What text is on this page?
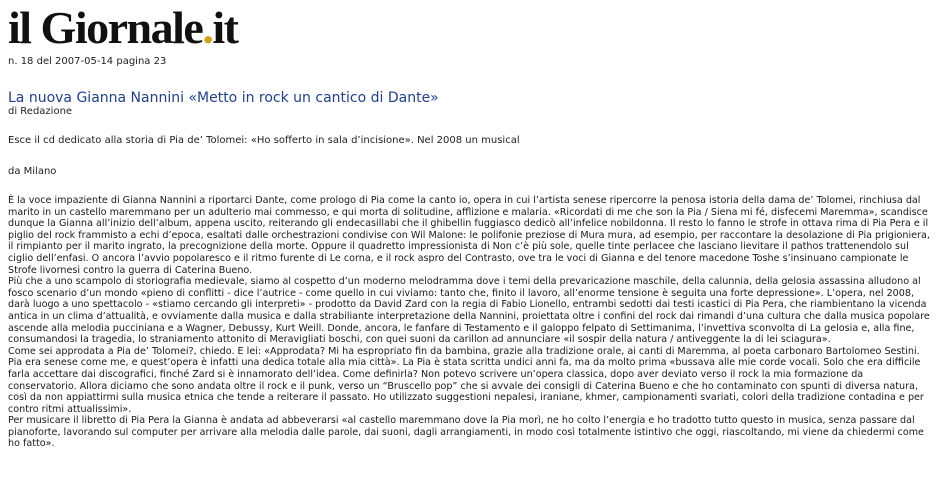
il Giornale.it
n. 18 del 2007-05-14 pagina 23
La nuova Gianna Nannini «Metto in rock un cantico di Dante»
di Redazione
Esce il cd dedicato alla storia di Pia de’ Tolomei: «Ho sofferto in sala d’incisione». Nel 2008 un musical
da Milano

È la voce impaziente di Gianna Nannini a riportarci Dante, come prologo di Pia come la canto io, opera in cui l’artista senese ripercorre la penosa istoria della dama de’ Tolomei, rinchiusa dal marito in un castello maremmano per un adulterio mai commesso, e qui morta di solitudine, afflizione e malaria. «Ricordati di me che son la Pia / Siena mi fé, disfecemi Maremma», scandisce dunque la Gianna all’inizio dell’album, appena uscito, reiterando gli endecasillabi che il ghibellin fuggiasco dedicò all’infelice nobildonna. Il resto lo fanno le strofe in ottava rima di Pia Pera e il piglio del rock frammisto a echi d’epoca, esaltati dalle orchestrazioni condivise con Wil Malone: le polifonie preziose di Mura mura, ad esempio, per raccontare la desolazione di Pia prigioniera, il rimpianto per il marito ingrato, la precognizione della morte. Oppure il quadretto impressionista di Non c’è più sole, quelle tinte perlacee che lasciano lievitare il pathos trattenendolo sul ciglio dell’enfasi. O ancora l’avvio popolaresco e il ritmo furente di Le corna, e il rock aspro del Contrasto, ove tra le voci di Gianna e del tenore macedone Toshe s’insinuano campionate le Strofe livornesi contro la guerra di Caterina Bueno.

Più che a uno scampolo di storiografia medievale, siamo al cospetto d’un moderno melodramma dove i temi della prevaricazione maschile, della calunnia, della gelosia assassina alludono al fosco scenario d’un mondo «pieno di conflitti - dice l’autrice - come quello in cui viviamo: tanto che, finito il lavoro, all’enorme tensione è seguita una forte depressione». L’opera, nel 2008, darà luogo a uno spettacolo - «stiamo cercando gli interpreti» - prodotto da David Zard con la regia di Fabio Lionello, entrambi sedotti dai testi icastici di Pia Pera, che riambientano la vicenda antica in un clima d’attualità, e ovviamente dalla musica e dalla strabiliante interpretazione della Nannini, proiettata oltre i confini del rock dai rimandi d’una cultura che dalla musica popolare ascende alla melodia pucciniana e a Wagner, Debussy, Kurt Weill. Donde, ancora, le fanfare di Testamento e il galoppo felpato di Settimanima, l’invettiva sconvolta di La gelosia e, alla fine, consumandosi la tragedia, lo straniamento attonito di Meravigliati boschi, con quei suoni da carillon ad annunciare «il sospir della natura / antiveggente la di lei sciagura».

Come sei approdata a Pia de’ Tolomei?, chiedo. E lei: «Approdata? Mi ha espropriato fin da bambina, grazie alla tradizione orale, ai canti di Maremma, al poeta carbonaro Bartolomeo Sestini. Pia era senese come me, e quest’opera è infatti una dedica totale alla mia città». La Pia è stata scritta undici anni fa, ma da molto prima «bussava alle mie corde vocali. Solo che era difficile farla accettare dai discografici, finché Zard si è innamorato dell’idea. Come definirla? Non potevo scrivere un’opera classica, dopo aver deviato verso il rock la mia formazione da conservatorio. Allora diciamo che sono andata oltre il rock e il punk, verso un “Bruscello pop” che si avvale dei consigli di Caterina Bueno e che ho contaminato con spunti di diversa natura, così da non appiattirmi sulla musica etnica che tende a reiterare il passato. Ho utilizzato suggestioni nepalesi, iraniane, khmer, campionamenti svariati, colori della tradizione contadina e per contro ritmi attualissimi».

Per musicare il libretto di Pia Pera la Gianna è andata ad abbeverarsi «al castello maremmano dove la Pia morì, ne ho colto l’energia e ho tradotto tutto questo in musica, senza passare dal pianoforte, lavorando sul computer per arrivare alla melodia dalle parole, dai suoni, dagli arrangiamenti, in modo così totalmente istintivo che oggi, riascoltando, mi viene da chiedermi come ho fatto».
